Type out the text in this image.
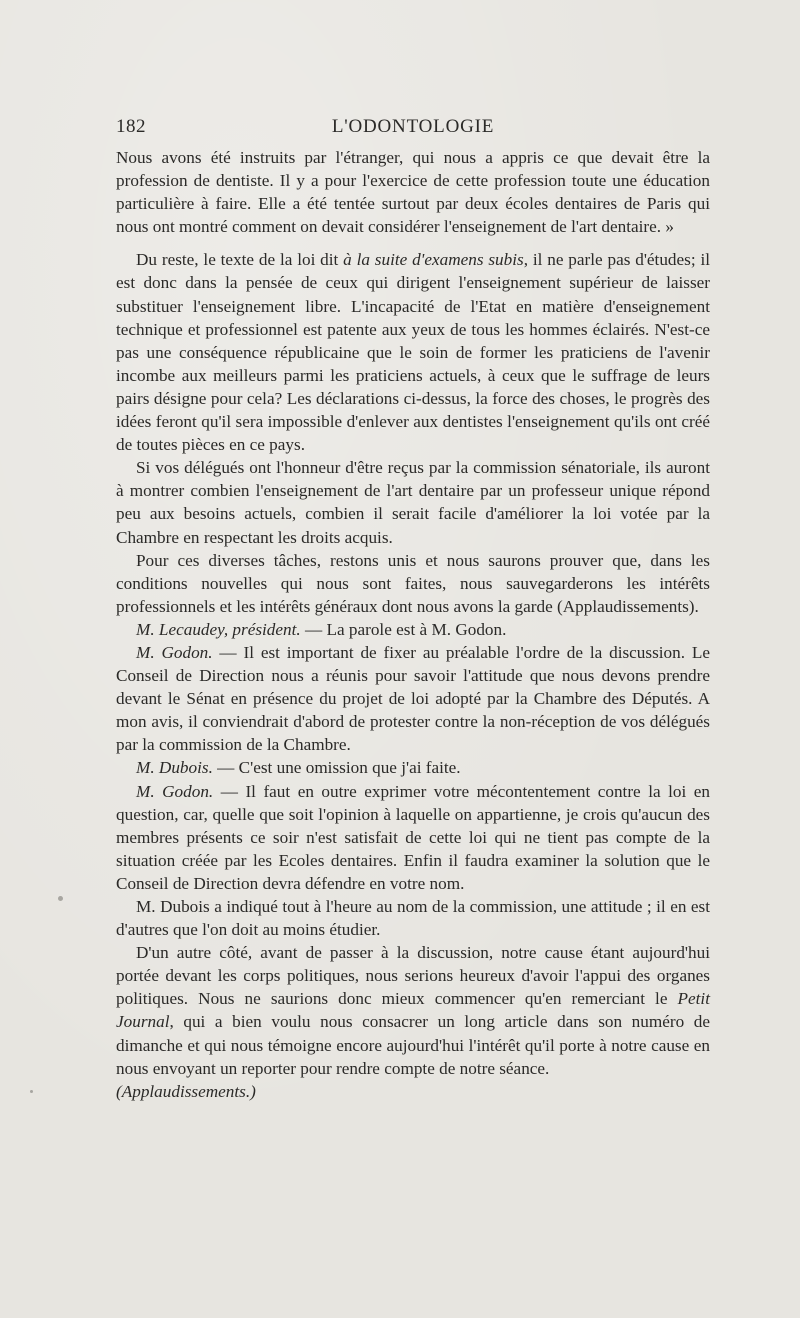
182	L'ODONTOLOGIE

Nous avons été instruits par l'étranger, qui nous a appris ce que devait être la profession de dentiste. Il y a pour l'exercice de cette profession toute une éducation particulière à faire. Elle a été tentée surtout par deux écoles dentaires de Paris qui nous ont montré comment on devait considérer l'enseignement de l'art dentaire. »

Du reste, le texte de la loi dit à la suite d'examens subis, il ne parle pas d'études; il est donc dans la pensée de ceux qui dirigent l'enseignement supérieur de laisser substituer l'enseignement libre. L'incapacité de l'Etat en matière d'enseignement technique et professionnel est patente aux yeux de tous les hommes éclairés. N'est-ce pas une conséquence républicaine que le soin de former les praticiens de l'avenir incombe aux meilleurs parmi les praticiens actuels, à ceux que le suffrage de leurs pairs désigne pour cela? Les déclarations ci-dessus, la force des choses, le progrès des idées feront qu'il sera impossible d'enlever aux dentistes l'enseignement qu'ils ont créé de toutes pièces en ce pays.

Si vos délégués ont l'honneur d'être reçus par la commission sénatoriale, ils auront à montrer combien l'enseignement de l'art dentaire par un professeur unique répond peu aux besoins actuels, combien il serait facile d'améliorer la loi votée par la Chambre en respectant les droits acquis.

Pour ces diverses tâches, restons unis et nous saurons prouver que, dans les conditions nouvelles qui nous sont faites, nous sauvegarderons les intérêts professionnels et les intérêts généraux dont nous avons la garde (Applaudissements).

M. Lecaudey, président. — La parole est à M. Godon.

M. Godon. — Il est important de fixer au préalable l'ordre de la discussion. Le Conseil de Direction nous a réunis pour savoir l'attitude que nous devons prendre devant le Sénat en présence du projet de loi adopté par la Chambre des Députés. A mon avis, il conviendrait d'abord de protester contre la non-réception de vos délégués par la commission de la Chambre.

M. Dubois. — C'est une omission que j'ai faite.

M. Godon. — Il faut en outre exprimer votre mécontentement contre la loi en question, car, quelle que soit l'opinion à laquelle on appartienne, je crois qu'aucun des membres présents ce soir n'est satisfait de cette loi qui ne tient pas compte de la situation créée par les Ecoles dentaires. Enfin il faudra examiner la solution que le Conseil de Direction devra défendre en votre nom.

M. Dubois a indiqué tout à l'heure au nom de la commission, une attitude ; il en est d'autres que l'on doit au moins étudier.

D'un autre côté, avant de passer à la discussion, notre cause étant aujourd'hui portée devant les corps politiques, nous serions heureux d'avoir l'appui des organes politiques. Nous ne saurions donc mieux commencer qu'en remerciant le Petit Journal, qui a bien voulu nous consacrer un long article dans son numéro de dimanche et qui nous témoigne encore aujourd'hui l'intérêt qu'il porte à notre cause en nous envoyant un reporter pour rendre compte de notre séance.
(Applaudissements.)
